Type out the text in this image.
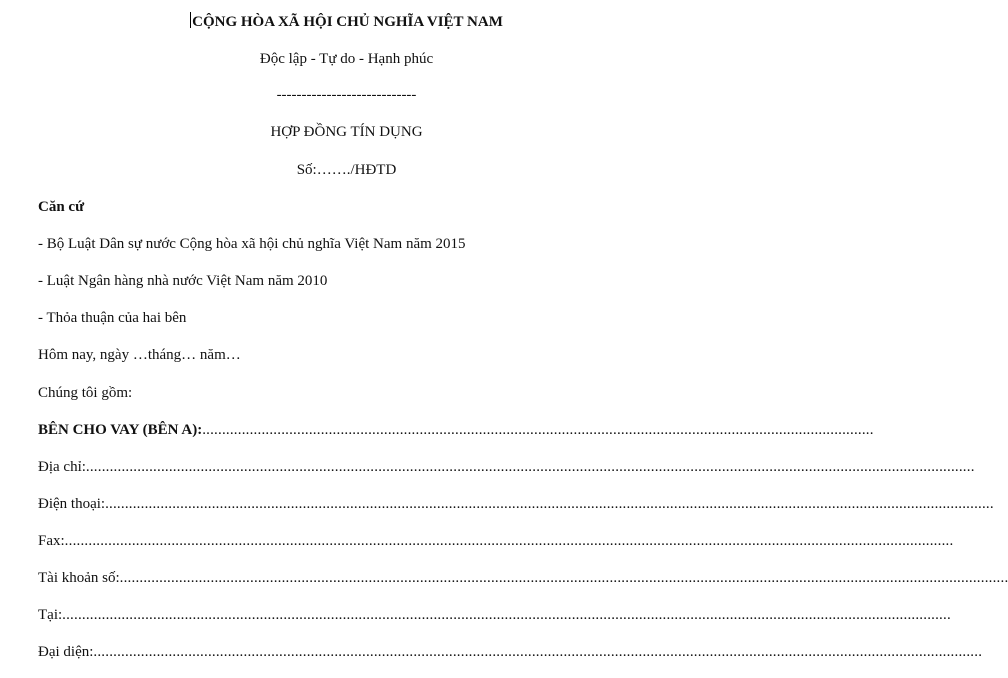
CỘNG HÒA XÃ HỘI CHỦ NGHĨA VIỆT NAM
Độc lập - Tự do - Hạnh phúc
----------------------------
HỢP ĐỒNG TÍN DỤNG
Số:……./HĐTD
Căn cứ
- Bộ Luật Dân sự nước Cộng hòa xã hội chủ nghĩa Việt Nam năm 2015
- Luật Ngân hàng nhà nước Việt Nam năm 2010
- Thỏa thuận của hai bên
Hôm nay, ngày …tháng… năm…
Chúng tôi gồm:
BÊN CHO VAY (BÊN A):..........................................................................................................................................................................
Địa chỉ:.................................................................................................................................................................................................................................
Điện thoại:.................................................................................................................................................................................................................................
Fax:.................................................................................................................................................................................................................................
Tài khoản số:.................................................................................................................................................................................................................................
Tại:.................................................................................................................................................................................................................................
Đại diện:.................................................................................................................................................................................................................................
